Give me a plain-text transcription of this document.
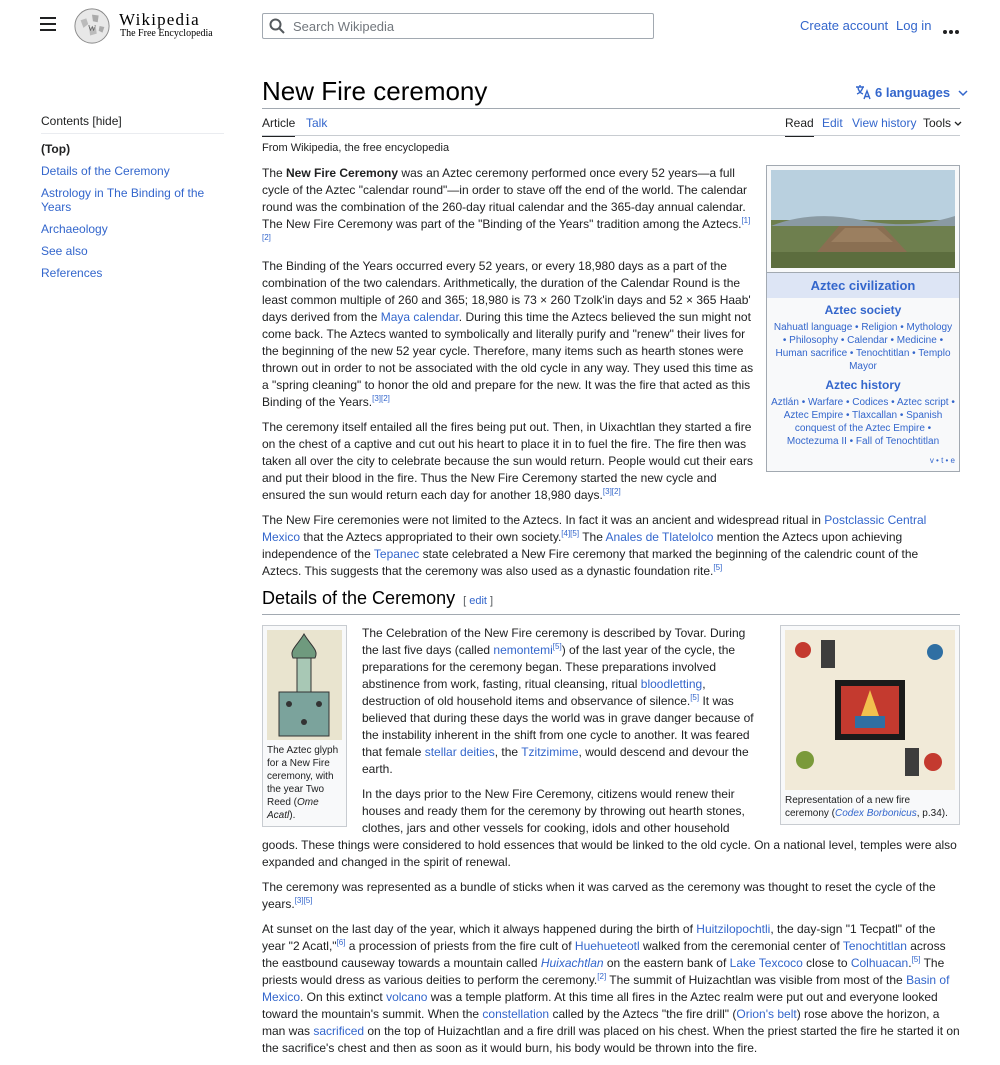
W Wikipedia
The Free Encyclopedia
Search Wikipedia
Create account Log in
New Fire ceremony	6 languages
Article Talk	Read Edit View history Tools
Contents [hide]
(Top)
Details of the Ceremony
Astrology in The Binding of the Years
Archaeology
See also
References

From Wikipedia, the free encyclopedia

Aztec civilization
Aztec society
Nahuatl language • Religion • Mythology • Philosophy • Calendar • Medicine • Human sacrifice • Tenochtitlan • Templo Mayor
Aztec history
Aztlán • Warfare • Codices • Aztec script • Aztec Empire • Tlaxcallan • Spanish conquest of the Aztec Empire • Moctezuma II • Fall of Tenochtitlan
v • t • e

The New Fire Ceremony was an Aztec ceremony performed once every 52 years—a full cycle of the Aztec "calendar round"—in order to stave off the end of the world. The calendar round was the combination of the 260-day ritual calendar and the 365-day annual calendar. The New Fire Ceremony was part of the "Binding of the Years" tradition among the Aztecs.[1][2]

The Binding of the Years occurred every 52 years, or every 18,980 days as a part of the combination of the two calendars. Arithmetically, the duration of the Calendar Round is the least common multiple of 260 and 365; 18,980 is 73 × 260 Tzolk'in days and 52 × 365 Haab' days derived from the Maya calendar. During this time the Aztecs believed the sun might not come back. The Aztecs wanted to symbolically and literally purify and "renew" their lives for the beginning of the new 52 year cycle. Therefore, many items such as hearth stones were thrown out in order to not be associated with the old cycle in any way. They used this time as a "spring cleaning" to honor the old and prepare for the new. It was the fire that acted as this Binding of the Years.[3][2]

The ceremony itself entailed all the fires being put out. Then, in Uixachtlan they started a fire on the chest of a captive and cut out his heart to place it in to fuel the fire. The fire then was taken all over the city to celebrate because the sun would return. People would cut their ears and put their blood in the fire. Thus the New Fire Ceremony started the new cycle and ensured the sun would return each day for another 18,980 days.[3][2]

The New Fire ceremonies were not limited to the Aztecs. In fact it was an ancient and widespread ritual in Postclassic Central Mexico that the Aztecs appropriated to their own society.[4][5] The Anales de Tlatelolco mention the Aztecs upon achieving independence of the Tepanec state celebrated a New Fire ceremony that marked the beginning of the calendric count of the Aztecs. This suggests that the ceremony was also used as a dynastic foundation rite.[5]

Details of the Ceremony [ edit ]
The Aztec glyph for a New Fire ceremony, with the year Two Reed (Ome Acatl).
Representation of a new fire ceremony (Codex Borbonicus, p.34).

The Celebration of the New Fire ceremony is described by Tovar. During the last five days (called nemontemi[5]) of the last year of the cycle, the preparations for the ceremony began. These preparations involved abstinence from work, fasting, ritual cleansing, ritual bloodletting, destruction of old household items and observance of silence.[5] It was believed that during these days the world was in grave danger because of the instability inherent in the shift from one cycle to another. It was feared that female stellar deities, the Tzitzimime, would descend and devour the earth.

In the days prior to the New Fire Ceremony, citizens would renew their houses and ready them for the ceremony by throwing out hearth stones, clothes, jars and other vessels for cooking, idols and other household goods. These things were considered to hold essences that would be linked to the old cycle. On a national level, temples were also expanded and changed in the spirit of renewal.

The ceremony was represented as a bundle of sticks when it was carved as the ceremony was thought to reset the cycle of the years.[3][5]

At sunset on the last day of the year, which it always happened during the birth of Huitzilopochtli, the day-sign "1 Tecpatl" of the year "2 Acatl,"[6] a procession of priests from the fire cult of Huehueteotl walked from the ceremonial center of Tenochtitlan across the eastbound causeway towards a mountain called Huixachtlan on the eastern bank of Lake Texcoco close to Colhuacan.[5] The priests would dress as various deities to perform the ceremony.[2] The summit of Huizachtlan was visible from most of the Basin of Mexico. On this extinct volcano was a temple platform. At this time all fires in the Aztec realm were put out and everyone looked toward the mountain's summit. When the constellation called by the Aztecs "the fire drill" (Orion's belt) rose above the horizon, a man was sacrificed on the top of Huizachtlan and a fire drill was placed on his chest. When the priest started the fire he started it on the sacrifice's chest and then as soon as it would burn, his body would be thrown into the fire.
